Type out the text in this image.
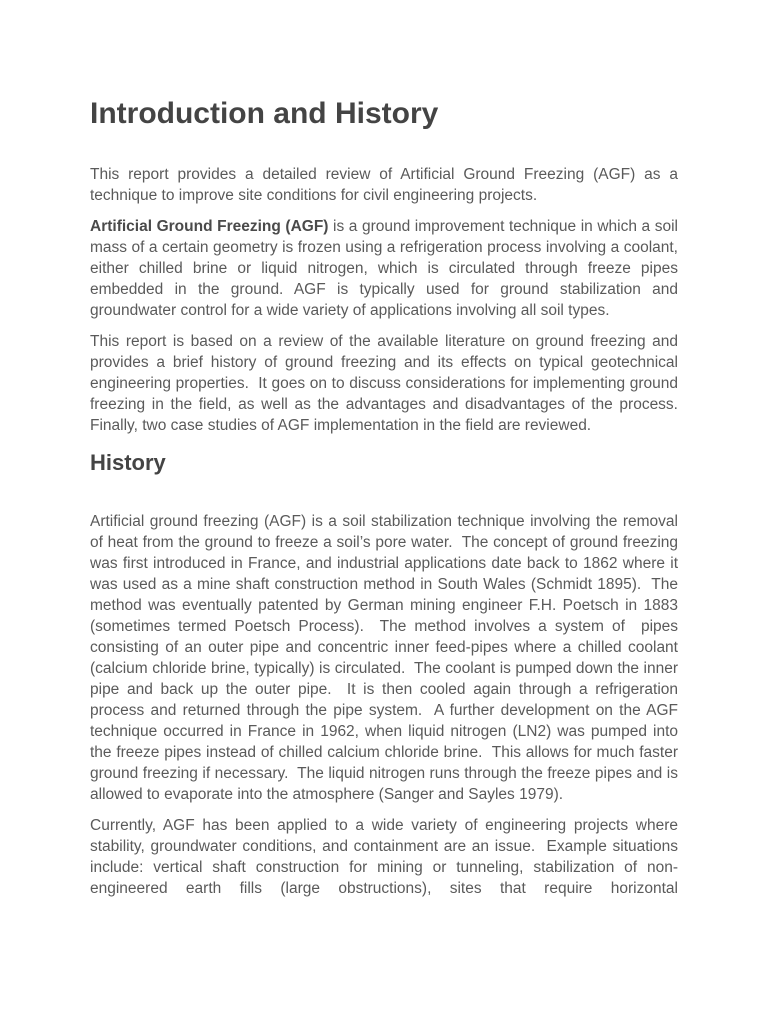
Introduction and History

This report provides a detailed review of Artificial Ground Freezing (AGF) as a technique to improve site conditions for civil engineering projects.

Artificial Ground Freezing (AGF) is a ground improvement technique in which a soil mass of a certain geometry is frozen using a refrigeration process involving a coolant, either chilled brine or liquid nitrogen, which is circulated through freeze pipes embedded in the ground. AGF is typically used for ground stabilization and groundwater control for a wide variety of applications involving all soil types.

This report is based on a review of the available literature on ground freezing and provides a brief history of ground freezing and its effects on typical geotechnical engineering properties.  It goes on to discuss considerations for implementing ground freezing in the field, as well as the advantages and disadvantages of the process.  Finally, two case studies of AGF implementation in the field are reviewed.

History

Artificial ground freezing (AGF) is a soil stabilization technique involving the removal of heat from the ground to freeze a soil’s pore water.  The concept of ground freezing was first introduced in France, and industrial applications date back to 1862 where it was used as a mine shaft construction method in South Wales (Schmidt 1895).  The method was eventually patented by German mining engineer F.H. Poetsch in 1883 (sometimes termed Poetsch Process).  The method involves a system of  pipes consisting of an outer pipe and concentric inner feed-pipes where a chilled coolant (calcium chloride brine, typically) is circulated.  The coolant is pumped down the inner pipe and back up the outer pipe.  It is then cooled again through a refrigeration process and returned through the pipe system.  A further development on the AGF technique occurred in France in 1962, when liquid nitrogen (LN2) was pumped into the freeze pipes instead of chilled calcium chloride brine.  This allows for much faster ground freezing if necessary.  The liquid nitrogen runs through the freeze pipes and is allowed to evaporate into the atmosphere (Sanger and Sayles 1979).

Currently, AGF has been applied to a wide variety of engineering projects where stability, groundwater conditions, and containment are an issue.  Example situations include: vertical shaft construction for mining or tunneling, stabilization of non-engineered earth fills (large obstructions), sites that require horizontal
